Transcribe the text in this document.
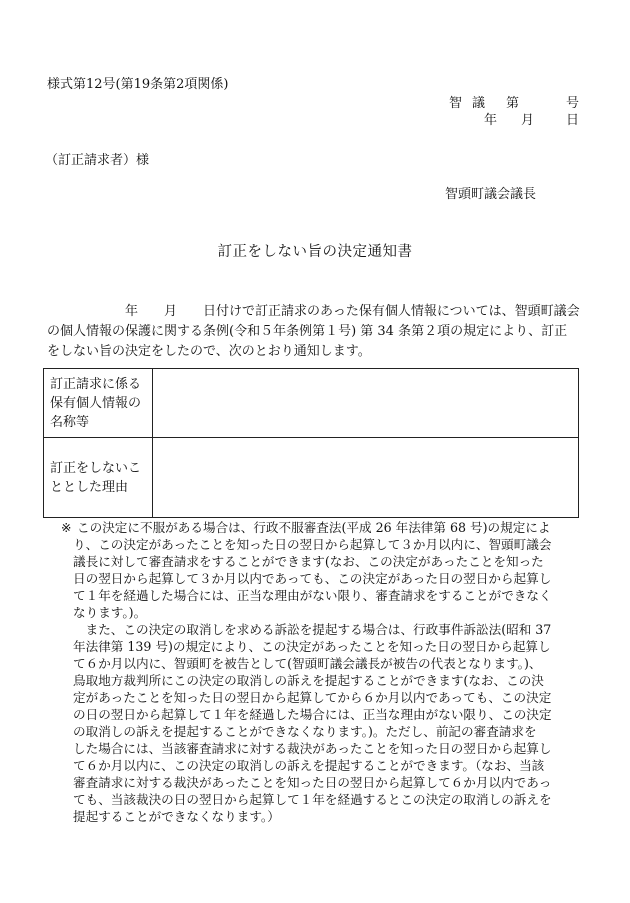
様式第12号(第19条第2項関係)
智 議 第	号
年 月 日
（訂正請求者）様
智頭町議会議長
訂正をしない旨の決定通知書
　　　　　　年　　月　　日付けで訂正請求のあった保有個人情報については、智頭町議会
の個人情報の保護に関する条例(令和５年条例第１号) 第 34 条第２項の規定により、訂正
をしない旨の決定をしたので、次のとおり通知します。
訂正請求に係る
保有個人情報の
名称等	

訂正をしないこ
ととした理由	

※ この決定に不服がある場合は、行政不服審査法(平成 26 年法律第 68 号)の規定によ
り、この決定があったことを知った日の翌日から起算して３か月以内に、智頭町議会
議長に対して審査請求をすることができます(なお、この決定があったことを知った
日の翌日から起算して３か月以内であっても、この決定があった日の翌日から起算し
て１年を経過した場合には、正当な理由がない限り、審査請求をすることができなく
なります。)。
　また、この決定の取消しを求める訴訟を提起する場合は、行政事件訴訟法(昭和 37
年法律第 139 号)の規定により、この決定があったことを知った日の翌日から起算し
て６か月以内に、智頭町を被告として(智頭町議会議長が被告の代表となります。)、
鳥取地方裁判所にこの決定の取消しの訴えを提起することができます(なお、この決
定があったことを知った日の翌日から起算してから６か月以内であっても、この決定
の日の翌日から起算して１年を経過した場合には、正当な理由がない限り、この決定
の取消しの訴えを提起することができなくなります。)。ただし、前記の審査請求を
した場合には、当該審査請求に対する裁決があったことを知った日の翌日から起算し
て６か月以内に、この決定の取消しの訴えを提起することができます。（なお、当該
審査請求に対する裁決があったことを知った日の翌日から起算して６か月以内であっ
ても、当該裁決の日の翌日から起算して１年を経過するとこの決定の取消しの訴えを
提起することができなくなります。）
